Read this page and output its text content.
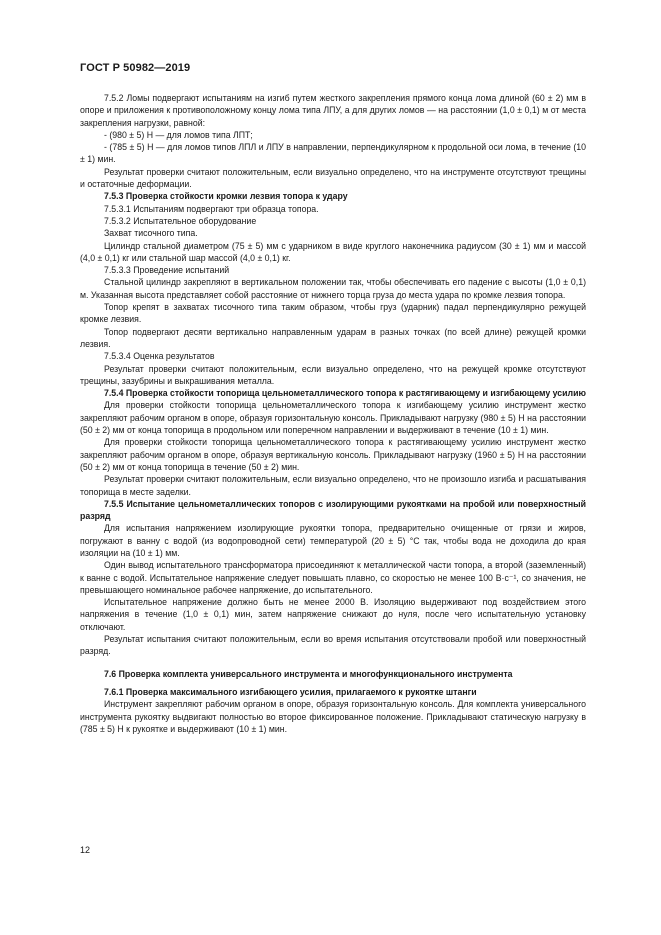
ГОСТ Р 50982—2019

7.5.2 Ломы подвергают испытаниям на изгиб путем жесткого закрепления прямого конца лома длиной (60 ± 2) мм в опоре и приложения к противоположному концу лома типа ЛПУ, а для других ломов — на расстоянии (1,0 ± 0,1) м от места закрепления нагрузки, равной:

- (980 ± 5) Н — для ломов типа ЛПТ;

- (785 ± 5) Н — для ломов типов ЛПЛ и ЛПУ в направлении, перпендикулярном к продольной оси лома, в течение (10 ± 1) мин.

Результат проверки считают положительным, если визуально определено, что на инструменте отсутствуют трещины и остаточные деформации.

7.5.3 Проверка стойкости кромки лезвия топора к удару

7.5.3.1 Испытаниям подвергают три образца топора.

7.5.3.2 Испытательное оборудование

Захват тисочного типа.

Цилиндр стальной диаметром (75 ± 5) мм с ударником в виде круглого наконечника радиусом (30 ± 1) мм и массой (4,0 ± 0,1) кг или стальной шар массой (4,0 ± 0,1) кг.

7.5.3.3 Проведение испытаний

Стальной цилиндр закрепляют в вертикальном положении так, чтобы обеспечивать его падение с высоты (1,0 ± 0,1) м. Указанная высота представляет собой расстояние от нижнего торца груза до места удара по кромке лезвия топора.

Топор крепят в захватах тисочного типа таким образом, чтобы груз (ударник) падал перпендикулярно режущей кромке лезвия.

Топор подвергают десяти вертикально направленным ударам в разных точках (по всей длине) режущей кромки лезвия.

7.5.3.4 Оценка результатов

Результат проверки считают положительным, если визуально определено, что на режущей кромке отсутствуют трещины, зазубрины и выкрашивания металла.

7.5.4 Проверка стойкости топорища цельнометаллического топора к растягивающему и изгибающему усилию

Для проверки стойкости топорища цельнометаллического топора к изгибающему усилию инструмент жестко закрепляют рабочим органом в опоре, образуя горизонтальную консоль. Прикладывают нагрузку (980 ± 5) Н на расстоянии (50 ± 2) мм от конца топорища в продольном или поперечном направлении и выдерживают в течение (10 ± 1) мин.

Для проверки стойкости топорища цельнометаллического топора к растягивающему усилию инструмент жестко закрепляют рабочим органом в опоре, образуя вертикальную консоль. Прикладывают нагрузку (1960 ± 5) Н на расстоянии (50 ± 2) мм от конца топорища в течение (50 ± 2) мин.

Результат проверки считают положительным, если визуально определено, что не произошло изгиба и расшатывания топорища в месте заделки.

7.5.5 Испытание цельнометаллических топоров с изолирующими рукоятками на пробой или поверхностный разряд

Для испытания напряжением изолирующие рукоятки топора, предварительно очищенные от грязи и жиров, погружают в ванну с водой (из водопроводной сети) температурой (20 ± 5) °С так, чтобы вода не доходила до края изоляции на (10 ± 1) мм.

Один вывод испытательного трансформатора присоединяют к металлической части топора, а второй (заземленный) к ванне с водой. Испытательное напряжение следует повышать плавно, со скоростью не менее 100 В·с⁻¹, со значения, не превышающего номинальное рабочее напряжение, до испытательного.

Испытательное напряжение должно быть не менее 2000 В. Изоляцию выдерживают под воздействием этого напряжения в течение (1,0 ± 0,1) мин, затем напряжение снижают до нуля, после чего испытательную установку отключают.

Результат испытания считают положительным, если во время испытания отсутствовали пробой или поверхностный разряд.

7.6 Проверка комплекта универсального инструмента и многофункционального инструмента

7.6.1 Проверка максимального изгибающего усилия, прилагаемого к рукоятке штанги

Инструмент закрепляют рабочим органом в опоре, образуя горизонтальную консоль. Для комплекта универсального инструмента рукоятку выдвигают полностью во второе фиксированное положение. Прикладывают статическую нагрузку в (785 ± 5) Н к рукоятке и выдерживают (10 ± 1) мин.

12
